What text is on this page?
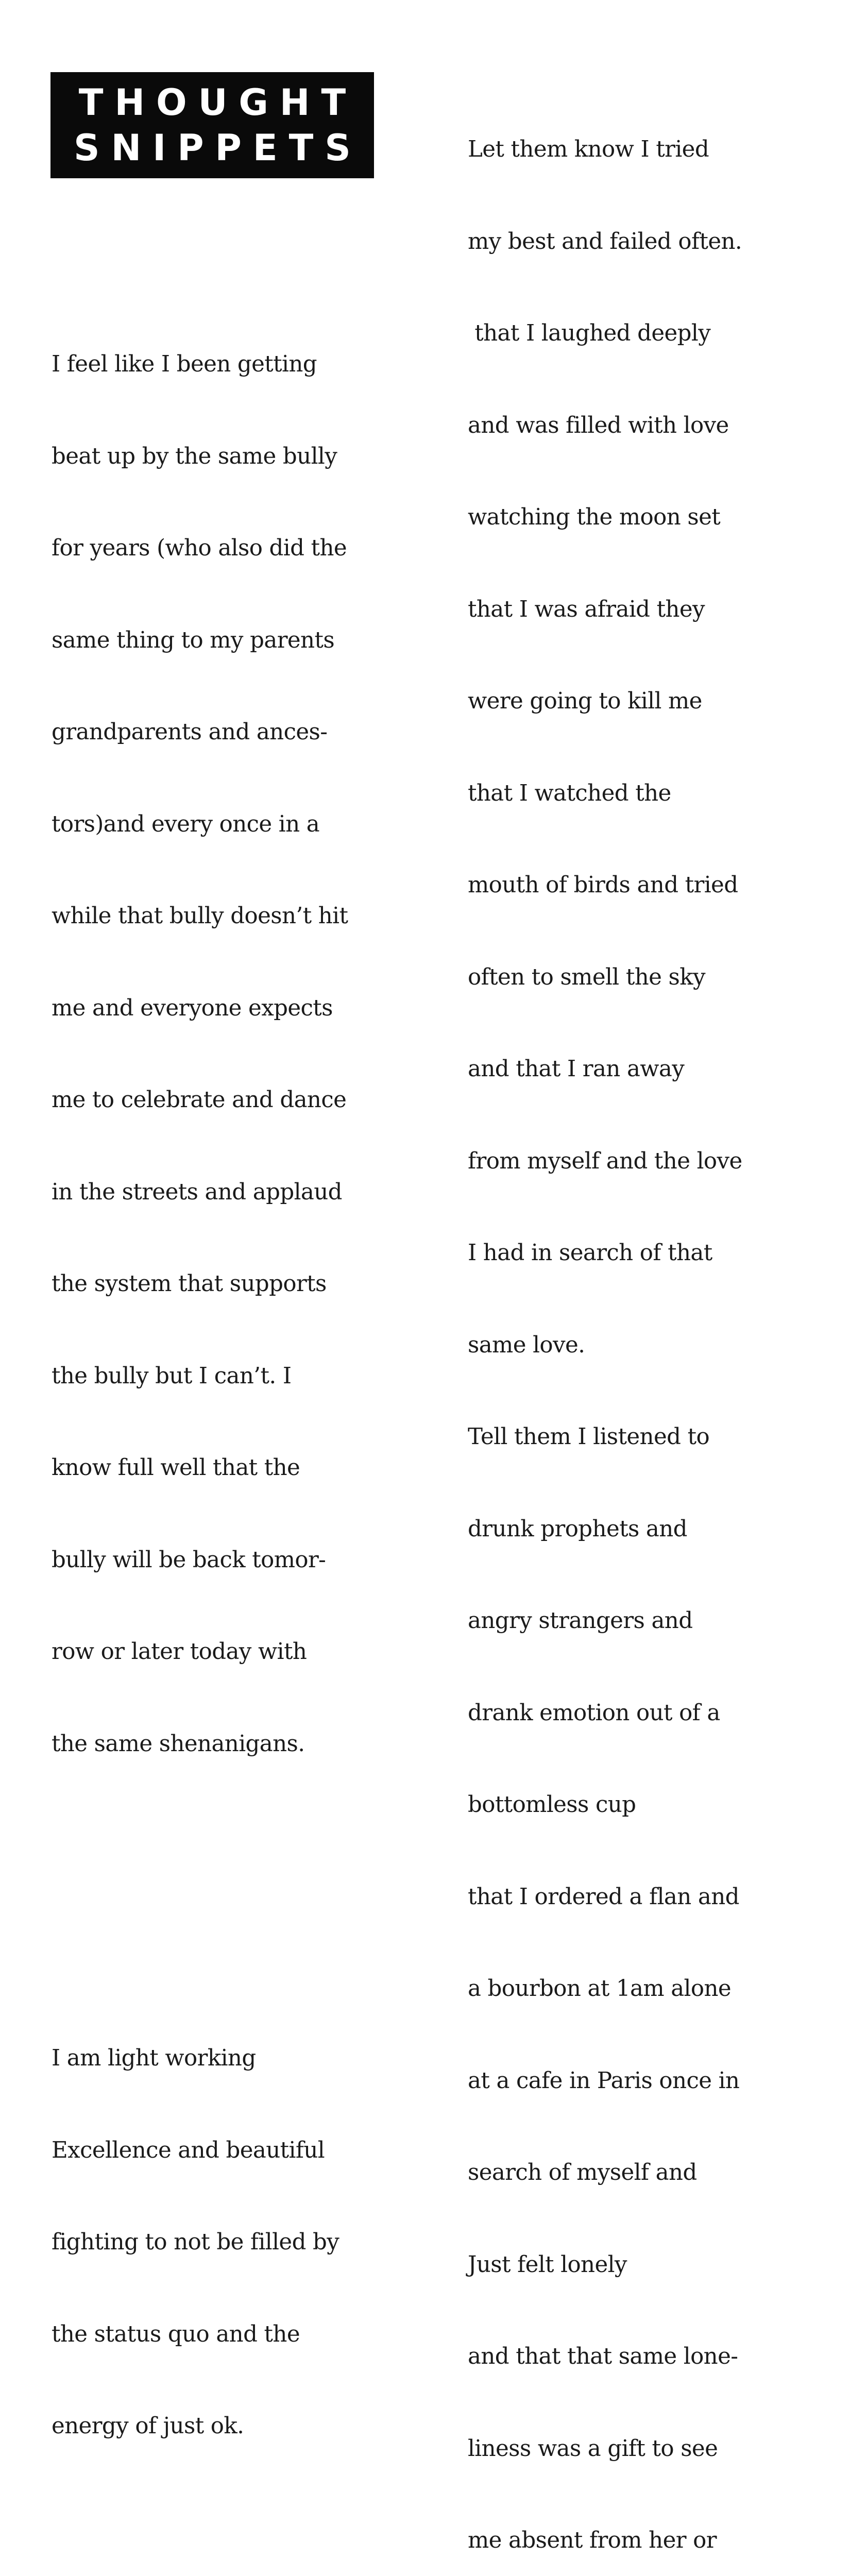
THOUGHT
SNIPPETS

I feel like I been getting

beat up by the same bully

for years (who also did the

same thing to my parents

grandparents and ances-

tors)and every once in a

while that bully doesn’t hit

me and everyone expects

me to celebrate and dance

in the streets and applaud

the system that supports

the bully but I can’t. I

know full well that the

bully will be back tomor-

row or later today with

the same shenanigans.

I am light working

Excellence and beautiful

fighting to not be filled by

the status quo and the

energy of just ok.

Let them know I tried

my best and failed often.

that I laughed deeply

and was filled with love

watching the moon set

that I was afraid they

were going to kill me

that I watched the

mouth of birds and tried

often to smell the sky

and that I ran away

from myself and the love

I had in search of that

same love.

Tell them I listened to

drunk prophets and

angry strangers and

drank emotion out of a

bottomless cup

that I ordered a flan and

a bourbon at 1am alone

at a cafe in Paris once in

search of myself and

Just felt lonely

and that that same lone-

liness was a gift to see

me absent from her or
